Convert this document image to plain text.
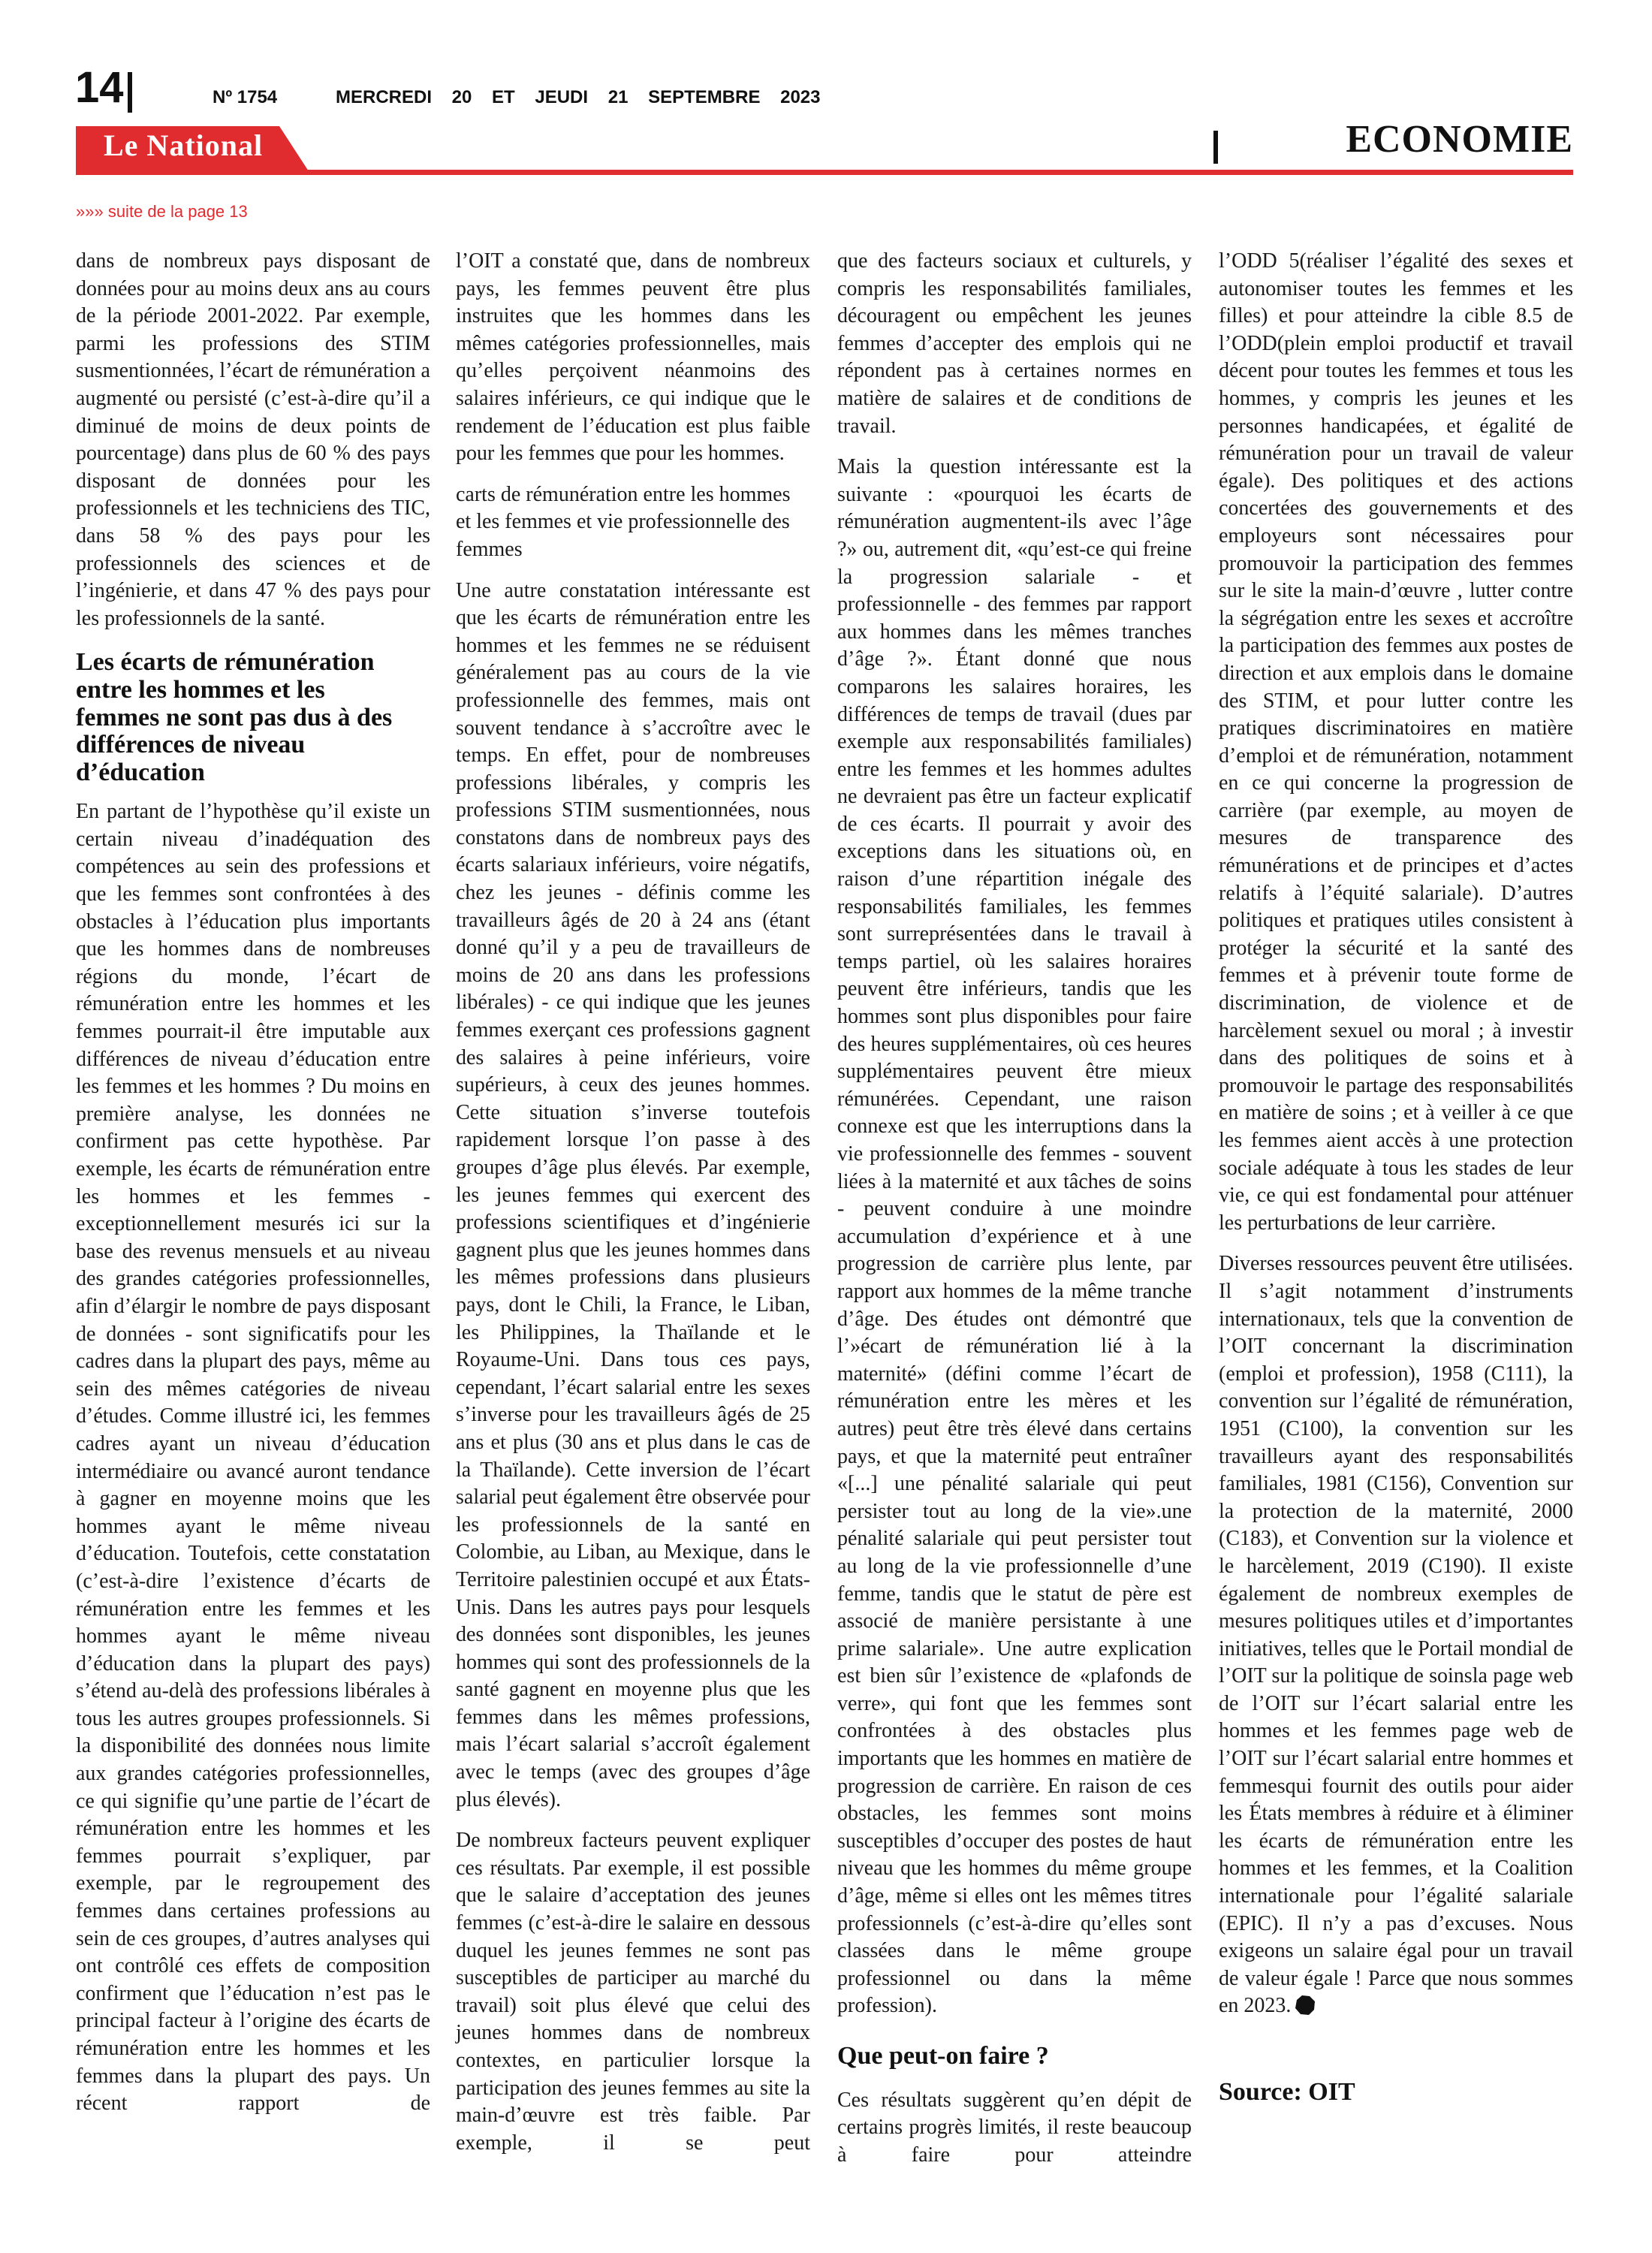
14	Nº 1754	MERCREDI 20 ET JEUDI 21 SEPTEMBRE 2023
Le National	ECONOMIE
»»» suite de la page 13

dans de nombreux pays disposant de données pour au moins deux ans au cours de la période 2001-2022. Par exemple, parmi les professions des STIM susmentionnées, l’écart de rémunération a augmenté ou persisté (c’est-à-dire qu’il a diminué de moins de deux points de pourcentage) dans plus de 60 % des pays disposant de données pour les professionnels et les techniciens des TIC, dans 58 % des pays pour les professionnels des sciences et de l’ingénierie, et dans 47 % des pays pour les professionnels de la santé.

Les écarts de rémunération entre les hommes et les femmes ne sont pas dus à des différences de niveau d’éducation

En partant de l’hypothèse qu’il existe un certain niveau d’inadéquation des compétences au sein des professions et que les femmes sont confrontées à des obstacles à l’éducation plus importants que les hommes dans de nombreuses régions du monde, l’écart de rémunération entre les hommes et les femmes pourrait-il être imputable aux différences de niveau d’éducation entre les femmes et les hommes ? Du moins en première analyse, les données ne confirment pas cette hypothèse. Par exemple, les écarts de rémunération entre les hommes et les femmes - exceptionnellement mesurés ici sur la base des revenus mensuels et au niveau des grandes catégories professionnelles, afin d’élargir le nombre de pays disposant de données - sont significatifs pour les cadres dans la plupart des pays, même au sein des mêmes catégories de niveau d’études. Comme illustré ici, les femmes cadres ayant un niveau d’éducation intermédiaire ou avancé auront tendance à gagner en moyenne moins que les hommes ayant le même niveau d’éducation. Toutefois, cette constatation (c’est-à-dire l’existence d’écarts de rémunération entre les femmes et les hommes ayant le même niveau d’éducation dans la plupart des pays) s’étend au-delà des professions libérales à tous les autres groupes professionnels. Si la disponibilité des données nous limite aux grandes catégories professionnelles, ce qui signifie qu’une partie de l’écart de rémunération entre les hommes et les femmes pourrait s’expliquer, par exemple, par le regroupement des femmes dans certaines professions au sein de ces groupes, d’autres analyses qui ont contrôlé ces effets de composition confirment que l’éducation n’est pas le principal facteur à l’origine des écarts de rémunération entre les hommes et les femmes dans la plupart des pays. Un récent rapport de

l’OIT a constaté que, dans de nombreux pays, les femmes peuvent être plus instruites que les hommes dans les mêmes catégories professionnelles, mais qu’elles perçoivent néanmoins des salaires inférieurs, ce qui indique que le rendement de l’éducation est plus faible pour les femmes que pour les hommes.

carts de rémunération entre les hommes et les femmes et vie professionnelle des femmes

Une autre constatation intéressante est que les écarts de rémunération entre les hommes et les femmes ne se réduisent généralement pas au cours de la vie professionnelle des femmes, mais ont souvent tendance à s’accroître avec le temps. En effet, pour de nombreuses professions libérales, y compris les professions STIM susmentionnées, nous constatons dans de nombreux pays des écarts salariaux inférieurs, voire négatifs, chez les jeunes - définis comme les travailleurs âgés de 20 à 24 ans (étant donné qu’il y a peu de travailleurs de moins de 20 ans dans les professions libérales) - ce qui indique que les jeunes femmes exerçant ces professions gagnent des salaires à peine inférieurs, voire supérieurs, à ceux des jeunes hommes. Cette situation s’inverse toutefois rapidement lorsque l’on passe à des groupes d’âge plus élevés. Par exemple, les jeunes femmes qui exercent des professions scientifiques et d’ingénierie gagnent plus que les jeunes hommes dans les mêmes professions dans plusieurs pays, dont le Chili, la France, le Liban, les Philippines, la Thaïlande et le Royaume-Uni. Dans tous ces pays, cependant, l’écart salarial entre les sexes s’inverse pour les travailleurs âgés de 25 ans et plus (30 ans et plus dans le cas de la Thaïlande). Cette inversion de l’écart salarial peut également être observée pour les professionnels de la santé en Colombie, au Liban, au Mexique, dans le Territoire palestinien occupé et aux États-Unis. Dans les autres pays pour lesquels des données sont disponibles, les jeunes hommes qui sont des professionnels de la santé gagnent en moyenne plus que les femmes dans les mêmes professions, mais l’écart salarial s’accroît également avec le temps (avec des groupes d’âge plus élevés).

De nombreux facteurs peuvent expliquer ces résultats. Par exemple, il est possible que le salaire d’acceptation des jeunes femmes (c’est-à-dire le salaire en dessous duquel les jeunes femmes ne sont pas susceptibles de participer au marché du travail) soit plus élevé que celui des jeunes hommes dans de nombreux contextes, en particulier lorsque la participation des jeunes femmes au site la main-d’œuvre est très faible. Par exemple, il se peut

que des facteurs sociaux et culturels, y compris les responsabilités familiales, découragent ou empêchent les jeunes femmes d’accepter des emplois qui ne répondent pas à certaines normes en matière de salaires et de conditions de travail.

Mais la question intéressante est la suivante : «pourquoi les écarts de rémunération augmentent-ils avec l’âge ?» ou, autrement dit, «qu’est-ce qui freine la progression salariale - et professionnelle - des femmes par rapport aux hommes dans les mêmes tranches d’âge ?». Étant donné que nous comparons les salaires horaires, les différences de temps de travail (dues par exemple aux responsabilités familiales) entre les femmes et les hommes adultes ne devraient pas être un facteur explicatif de ces écarts. Il pourrait y avoir des exceptions dans les situations où, en raison d’une répartition inégale des responsabilités familiales, les femmes sont surreprésentées dans le travail à temps partiel, où les salaires horaires peuvent être inférieurs, tandis que les hommes sont plus disponibles pour faire des heures supplémentaires, où ces heures supplémentaires peuvent être mieux rémunérées. Cependant, une raison connexe est que les interruptions dans la vie professionnelle des femmes - souvent liées à la maternité et aux tâches de soins - peuvent conduire à une moindre accumulation d’expérience et à une progression de carrière plus lente, par rapport aux hommes de la même tranche d’âge. Des études ont démontré que l’»écart de rémunération lié à la maternité» (défini comme l’écart de rémunération entre les mères et les autres) peut être très élevé dans certains pays, et que la maternité peut entraîner «[...] une pénalité salariale qui peut persister tout au long de la vie».une pénalité salariale qui peut persister tout au long de la vie professionnelle d’une femme, tandis que le statut de père est associé de manière persistante à une prime salariale». Une autre explication est bien sûr l’existence de «plafonds de verre», qui font que les femmes sont confrontées à des obstacles plus importants que les hommes en matière de progression de carrière. En raison de ces obstacles, les femmes sont moins susceptibles d’occuper des postes de haut niveau que les hommes du même groupe d’âge, même si elles ont les mêmes titres professionnels (c’est-à-dire qu’elles sont classées dans le même groupe professionnel ou dans la même profession).

Que peut-on faire ?

Ces résultats suggèrent qu’en dépit de certains progrès limités, il reste beaucoup à faire pour atteindre

l’ODD 5(réaliser l’égalité des sexes et autonomiser toutes les femmes et les filles) et pour atteindre la cible 8.5 de l’ODD(plein emploi productif et travail décent pour toutes les femmes et tous les hommes, y compris les jeunes et les personnes handicapées, et égalité de rémunération pour un travail de valeur égale). Des politiques et des actions concertées des gouvernements et des employeurs sont nécessaires pour promouvoir la participation des femmes sur le site la main-d’œuvre , lutter contre la ségrégation entre les sexes et accroître la participation des femmes aux postes de direction et aux emplois dans le domaine des STIM, et pour lutter contre les pratiques discriminatoires en matière d’emploi et de rémunération, notamment en ce qui concerne la progression de carrière (par exemple, au moyen de mesures de transparence des rémunérations et de principes et d’actes relatifs à l’équité salariale). D’autres politiques et pratiques utiles consistent à protéger la sécurité et la santé des femmes et à prévenir toute forme de discrimination, de violence et de harcèlement sexuel ou moral ; à investir dans des politiques de soins et à promouvoir le partage des responsabilités en matière de soins ; et à veiller à ce que les femmes aient accès à une protection sociale adéquate à tous les stades de leur vie, ce qui est fondamental pour atténuer les perturbations de leur carrière.

Diverses ressources peuvent être utilisées. Il s’agit notamment d’instruments internationaux, tels que la convention de l’OIT concernant la discrimination (emploi et profession), 1958 (C111), la convention sur l’égalité de rémunération, 1951 (C100), la convention sur les travailleurs ayant des responsabilités familiales, 1981 (C156), Convention sur la protection de la maternité, 2000 (C183), et Convention sur la violence et le harcèlement, 2019 (C190). Il existe également de nombreux exemples de mesures politiques utiles et d’importantes initiatives, telles que le Portail mondial de l’OIT sur la politique de soinsla page web de l’OIT sur l’écart salarial entre les hommes et les femmes page web de l’OIT sur l’écart salarial entre hommes et femmesqui fournit des outils pour aider les États membres à réduire et à éliminer les écarts de rémunération entre les hommes et les femmes, et la Coalition internationale pour l’égalité salariale (EPIC). Il n’y a pas d’excuses. Nous exigeons un salaire égal pour un travail de valeur égale ! Parce que nous sommes en 2023.

Source: OIT
